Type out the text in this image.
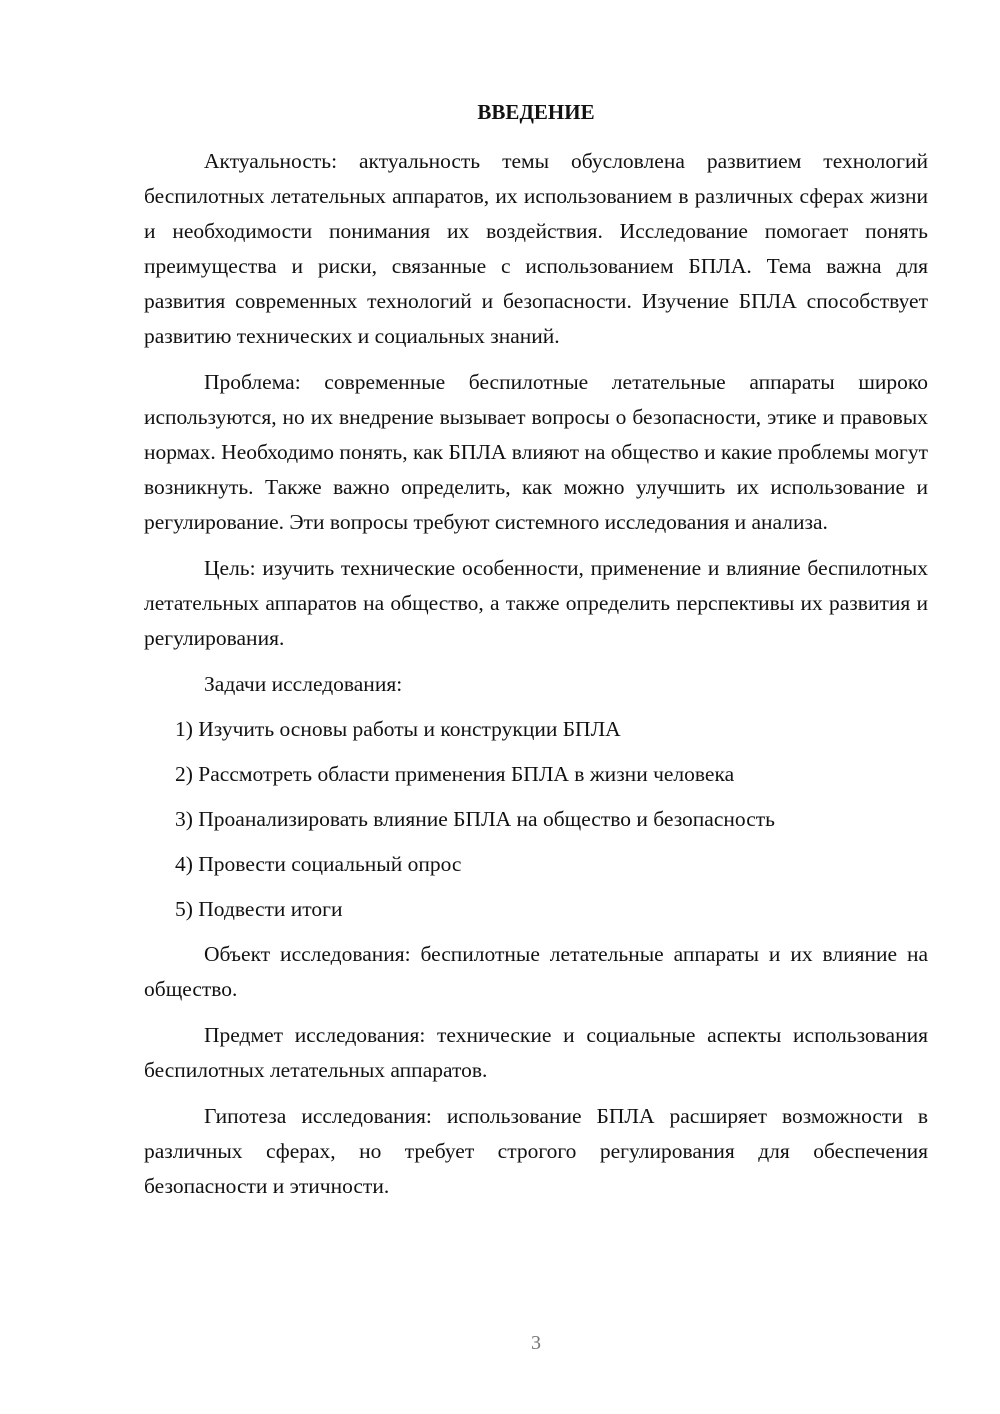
ВВЕДЕНИЕ

Актуальность: актуальность темы обусловлена развитием технологий беспилотных летательных аппаратов, их использованием в различных сферах жизни и необходимости понимания их воздействия. Исследование помогает понять преимущества и риски, связанные с использованием БПЛА. Тема важна для развития современных технологий и безопасности. Изучение БПЛА способствует развитию технических и социальных знаний.

Проблема: современные беспилотные летательные аппараты широко используются, но их внедрение вызывает вопросы о безопасности, этике и правовых нормах. Необходимо понять, как БПЛА влияют на общество и какие проблемы могут возникнуть. Также важно определить, как можно улучшить их использование и регулирование. Эти вопросы требуют системного исследования и анализа.

Цель: изучить технические особенности, применение и влияние беспилотных летательных аппаратов на общество, а также определить перспективы их развития и регулирования.

Задачи исследования:
1) Изучить основы работы и конструкции БПЛА
2) Рассмотреть области применения БПЛА в жизни человека
3) Проанализировать влияние БПЛА на общество и безопасность
4) Провести социальный опрос
5) Подвести итоги

Объект исследования: беспилотные летательные аппараты и их влияние на общество.

Предмет исследования: технические и социальные аспекты использования беспилотных летательных аппаратов.

Гипотеза исследования: использование БПЛА расширяет возможности в различных сферах, но требует строгого регулирования для обеспечения безопасности и этичности.

3
